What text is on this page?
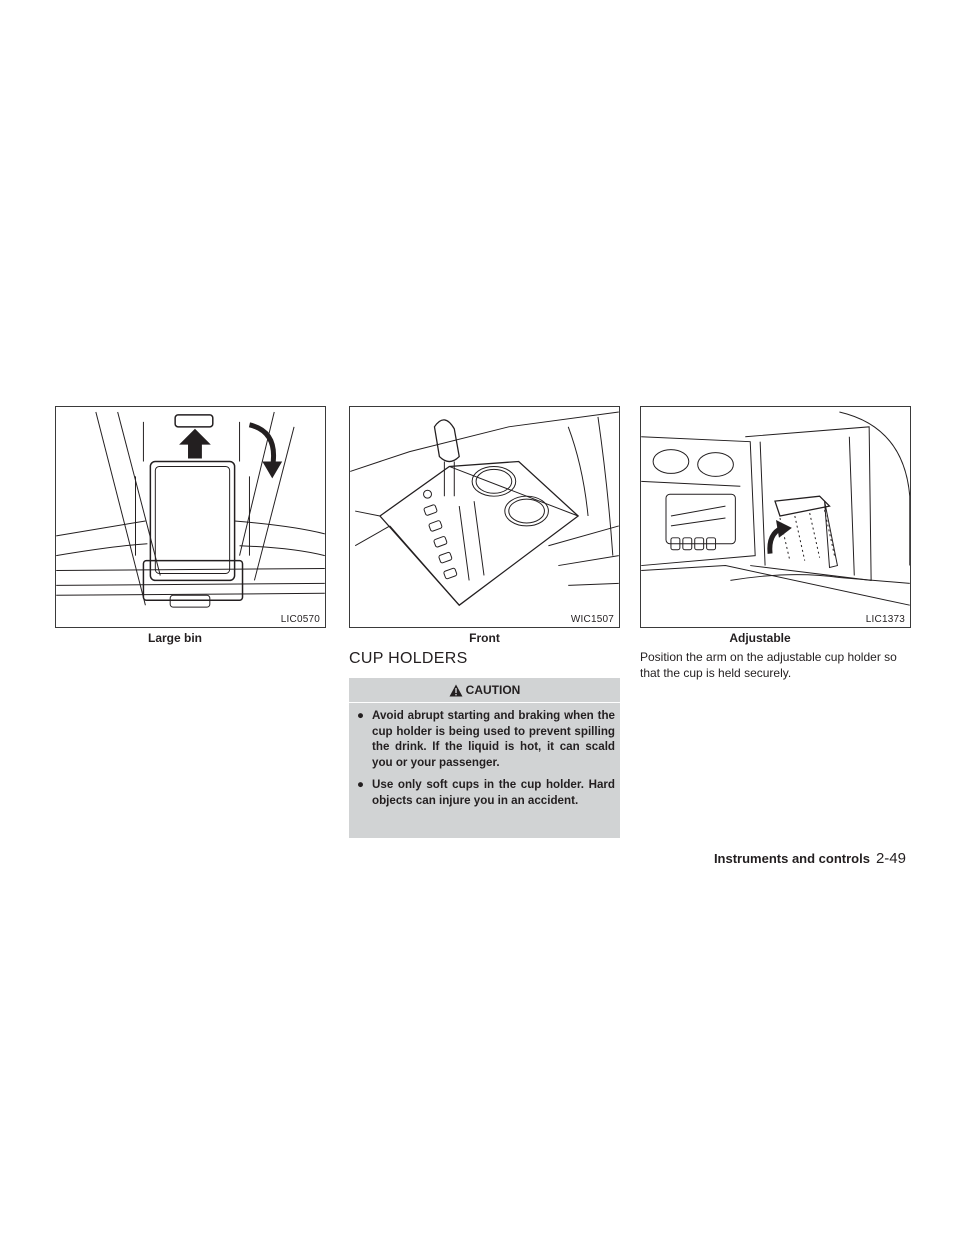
LIC0570
Large bin
WIC1507
Front
LIC1373
Adjustable
CUP HOLDERS
CAUTION
● Avoid abrupt starting and braking when the cup holder is being used to prevent spilling the drink. If the liquid is hot, it can scald you or your passenger.
● Use only soft cups in the cup holder. Hard objects can injure you in an accident.
Position the arm on the adjustable cup holder so that the cup is held securely.
Instruments and controls 2-49
